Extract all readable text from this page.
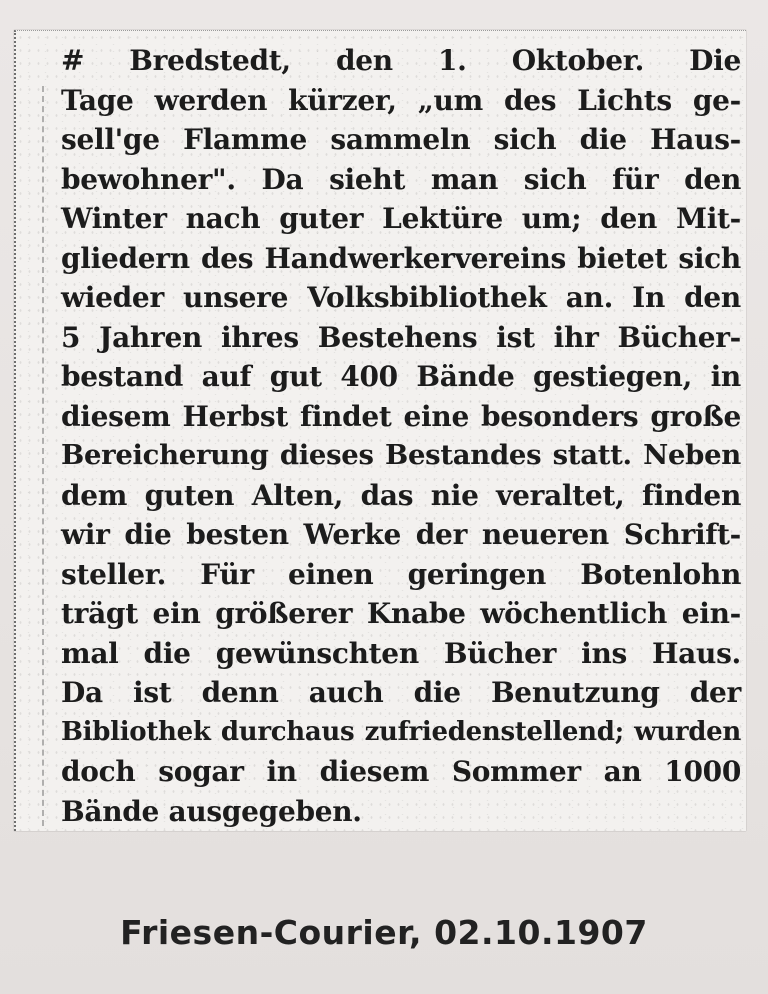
# Bredstedt, den 1. Oktober. Die
Tage werden kürzer, „um des Lichts ge-
sell'ge Flamme sammeln sich die Haus-
bewohner". Da sieht man sich für den
Winter nach guter Lektüre um; den Mit-
gliedern des Handwerkervereins bietet sich
wieder unsere Volksbibliothek an. In den
5 Jahren ihres Bestehens ist ihr Bücher-
bestand auf gut 400 Bände gestiegen, in
diesem Herbst findet eine besonders große
Bereicherung dieses Bestandes statt. Neben
dem guten Alten, das nie veraltet, finden
wir die besten Werke der neueren Schrift-
steller. Für einen geringen Botenlohn
trägt ein größerer Knabe wöchentlich ein-
mal die gewünschten Bücher ins Haus.
Da ist denn auch die Benutzung der
Bibliothek durchaus zufriedenstellend; wurden
doch sogar in diesem Sommer an 1000
Bände ausgegeben.

Friesen-Courier, 02.10.1907
